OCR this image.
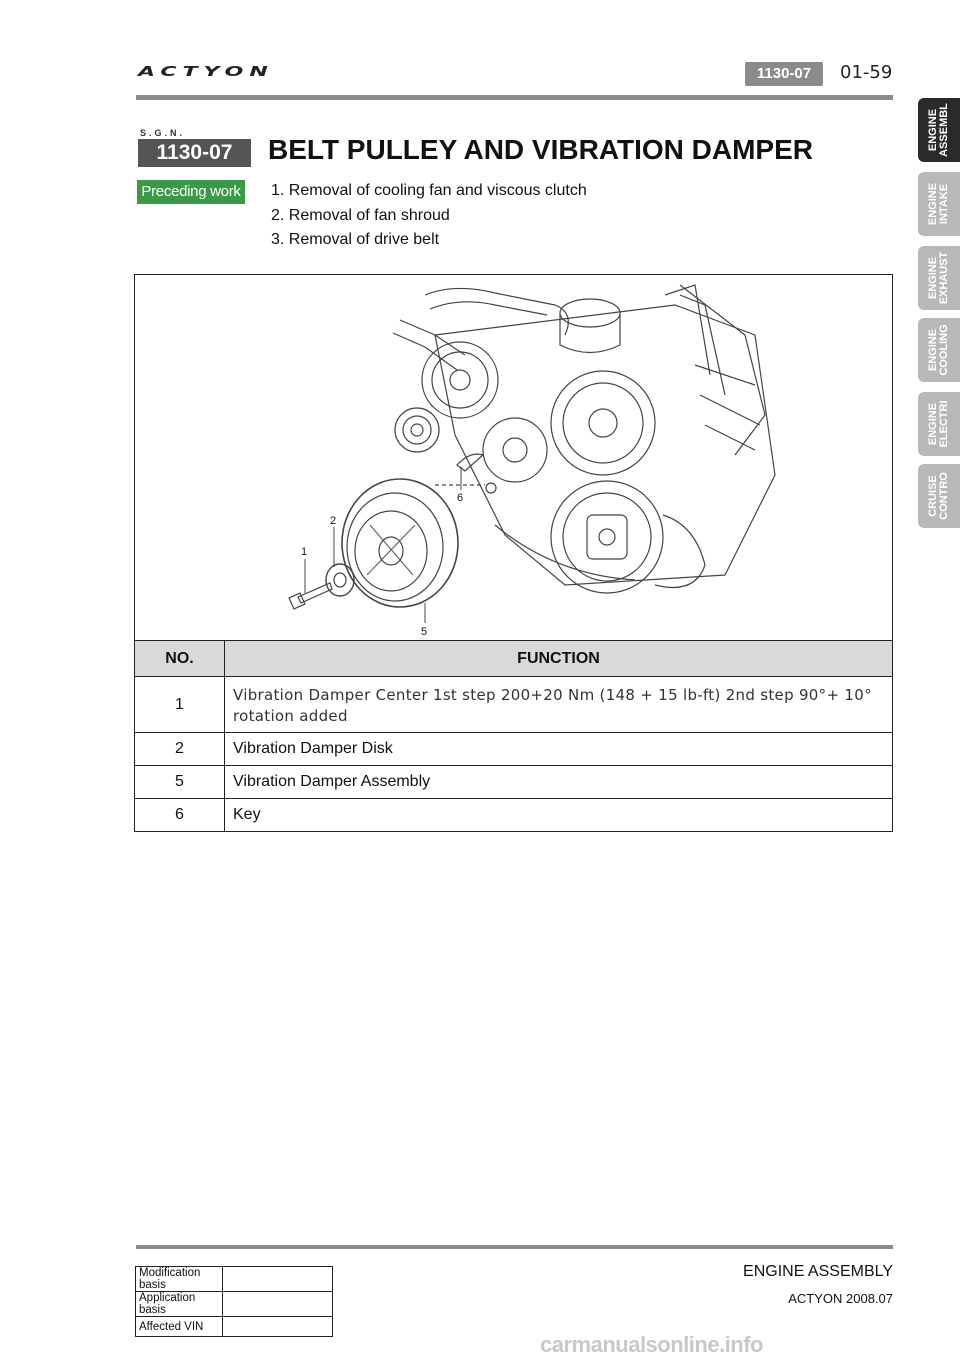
ACTYON	1130-07	01-59
ENGINE
ASSEMBL
ENGINE
INTAKE
ENGINE
EXHAUST
ENGINE
COOLING
ENGINE
ELECTRI
CRUISE
CONTRO
S.G.N.
1130-07	BELT PULLEY AND VIBRATION DAMPER
Preceding work 1. Removal of cooling fan and viscous clutch
2. Removal of fan shroud
3. Removal of drive belt
1
2
5
6
NO.	FUNCTION
1	Vibration Damper Center 1st step 200+20 Nm (148 + 15 lb-ft) 2nd step 90°+ 10° rotation added
2	Vibration Damper Disk
5	Vibration Damper Assembly
6	Key
ENGINE ASSEMBLY
ACTYON 2008.07
Modification basis	
Application basis	
Affected VIN	
carmanualsonline.info
